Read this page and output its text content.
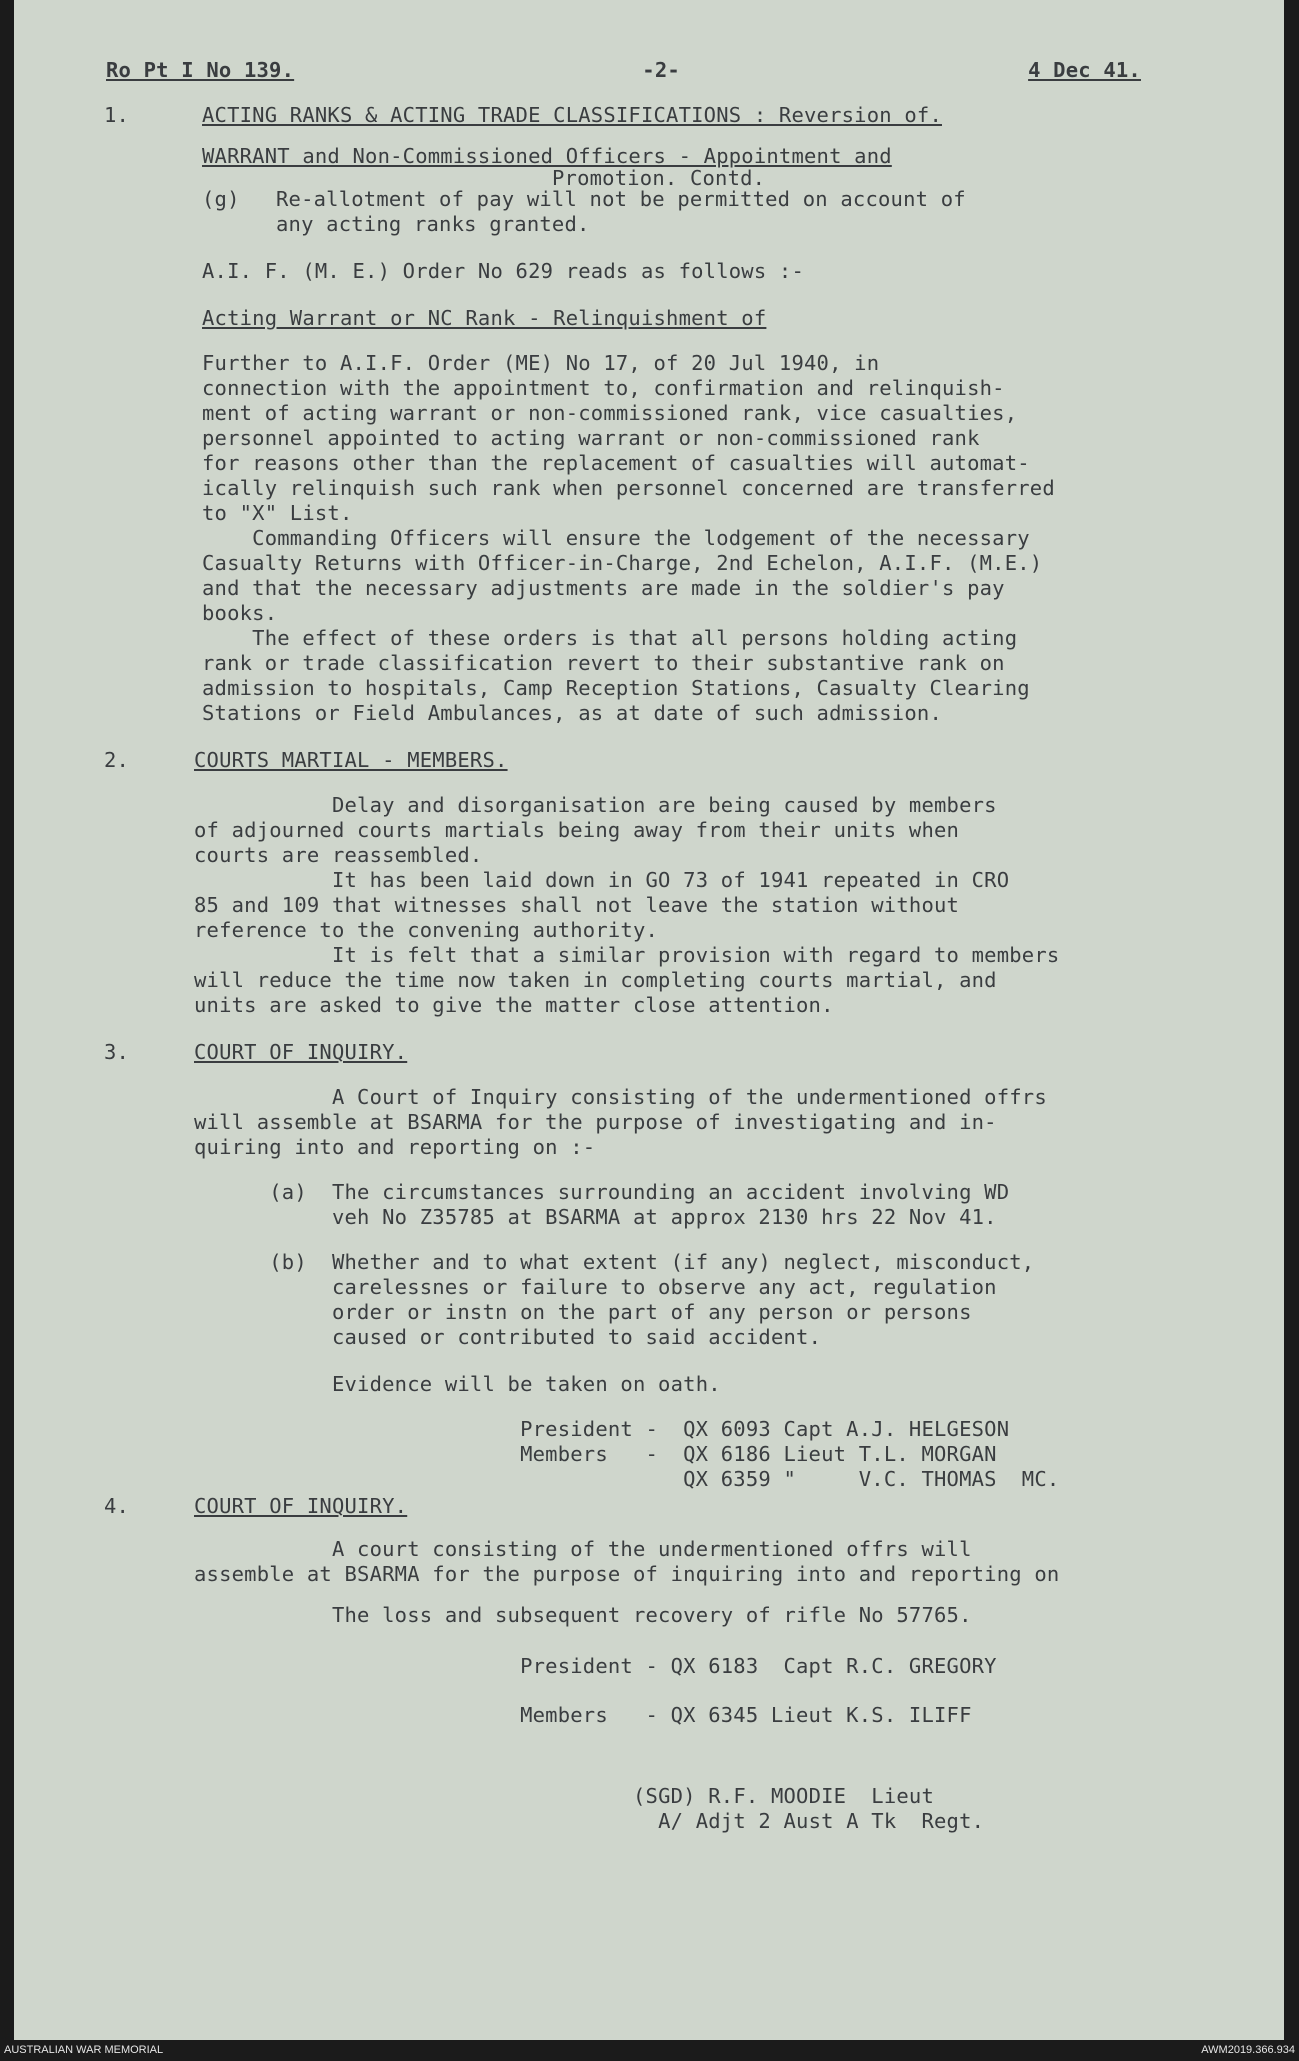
Ro Pt I No 139.	-2-	4 Dec 41.
1.	ACTING RANKS & ACTING TRADE CLASSIFICATIONS : Reversion of.
WARRANT and Non-Commissioned Officers - Appointment and
Promotion. Contd.
(g)	Re-allotment of pay will not be permitted on account of
any acting ranks granted.
A.I. F. (M. E.) Order No 629 reads as follows :-
Acting Warrant or NC Rank - Relinquishment of
Further to A.I.F. Order (ME) No 17, of 20 Jul 1940, in
connection with the appointment to, confirmation and relinquish-
ment of acting warrant or non-commissioned rank, vice casualties,
personnel appointed to acting warrant or non-commissioned rank
for reasons other than the replacement of casualties will automat-
ically relinquish such rank when personnel concerned are transferred
to "X" List.
Commanding Officers will ensure the lodgement of the necessary
Casualty Returns with Officer-in-Charge, 2nd Echelon, A.I.F. (M.E.)
and that the necessary adjustments are made in the soldier's pay
books.
The effect of these orders is that all persons holding acting
rank or trade classification revert to their substantive rank on
admission to hospitals, Camp Reception Stations, Casualty Clearing
Stations or Field Ambulances, as at date of such admission.
2.	COURTS MARTIAL - MEMBERS.
Delay and disorganisation are being caused by members
of adjourned courts martials being away from their units when
courts are reassembled.
It has been laid down in GO 73 of 1941 repeated in CRO
85 and 109 that witnesses shall not leave the station without
reference to the convening authority.
It is felt that a similar provision with regard to members
will reduce the time now taken in completing courts martial, and
units are asked to give the matter close attention.
3.	COURT OF INQUIRY.
A Court of Inquiry consisting of the undermentioned offrs
will assemble at BSARMA for the purpose of investigating and in-
quiring into and reporting on :-
(a)  The circumstances surrounding an accident involving WD
veh No Z35785 at BSARMA at approx 2130 hrs 22 Nov 41.
(b)  Whether and to what extent (if any) neglect, misconduct,
carelessnes or failure to observe any act, regulation
order or instn on the part of any person or persons
caused or contributed to said accident.
Evidence will be taken on oath.
President -  QX 6093 Capt A.J. HELGESON
Members   -  QX 6186 Lieut T.L. MORGAN
QX 6359 "     V.C. THOMAS  MC.
4.	COURT OF INQUIRY.
A court consisting of the undermentioned offrs will
assemble at BSARMA for the purpose of inquiring into and reporting on
The loss and subsequent recovery of rifle No 57765.
President - QX 6183  Capt R.C. GREGORY
Members   - QX 6345 Lieut K.S. ILIFF
(SGD) R.F. MOODIE  Lieut
A/ Adjt 2 Aust A Tk  Regt.
AUSTRALIAN WAR MEMORIAL	AWM2019.366.934
